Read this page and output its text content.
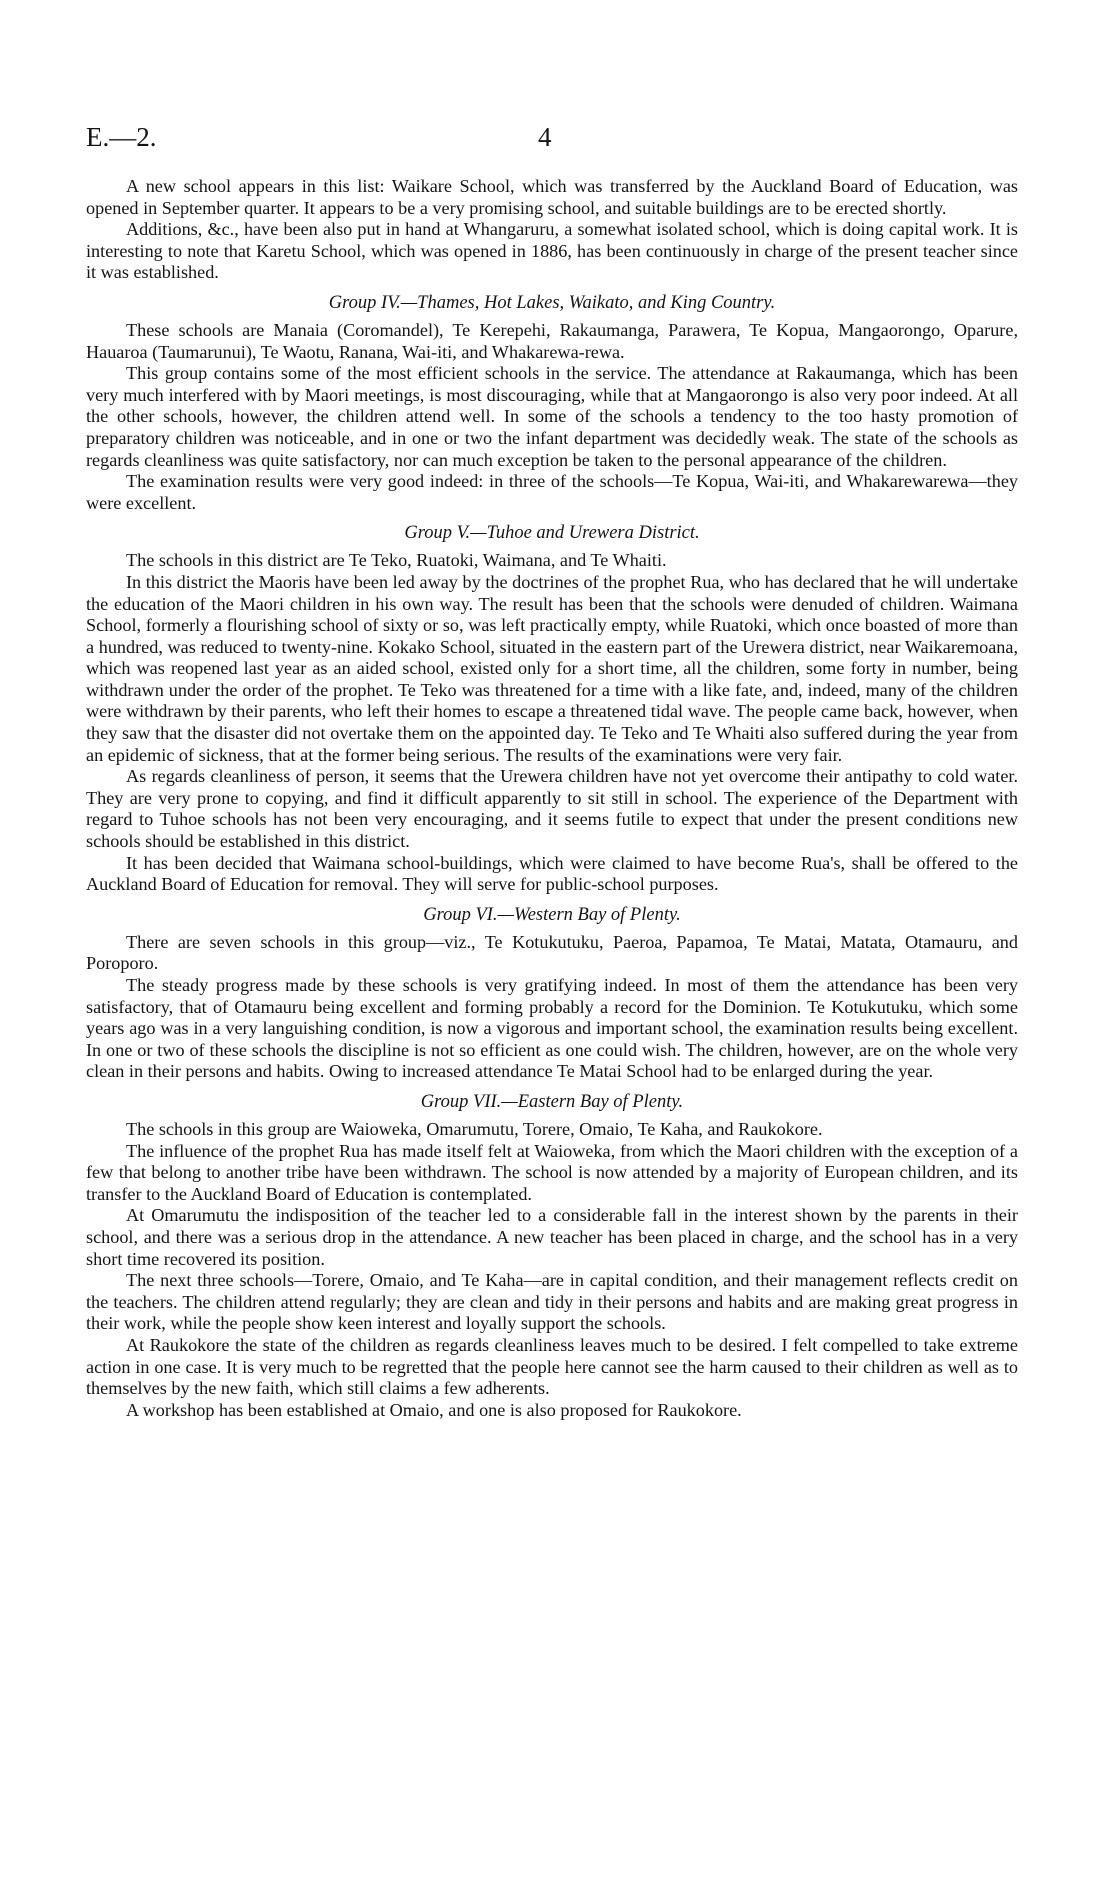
E.—2.	4

A new school appears in this list: Waikare School, which was transferred by the Auckland Board of Education, was opened in September quarter. It appears to be a very promising school, and suitable buildings are to be erected shortly.

Additions, &c., have been also put in hand at Whangaruru, a somewhat isolated school, which is doing capital work. It is interesting to note that Karetu School, which was opened in 1886, has been continuously in charge of the present teacher since it was established.

Group IV.—Thames, Hot Lakes, Waikato, and King Country.

These schools are Manaia (Coromandel), Te Kerepehi, Rakaumanga, Parawera, Te Kopua, Mangaorongo, Oparure, Hauaroa (Taumarunui), Te Waotu, Ranana, Wai-iti, and Whakarewa-rewa.

This group contains some of the most efficient schools in the service. The attendance at Rakaumanga, which has been very much interfered with by Maori meetings, is most discouraging, while that at Mangaorongo is also very poor indeed. At all the other schools, however, the children attend well. In some of the schools a tendency to the too hasty promotion of preparatory children was noticeable, and in one or two the infant department was decidedly weak. The state of the schools as regards cleanliness was quite satisfactory, nor can much exception be taken to the personal appearance of the children.

The examination results were very good indeed: in three of the schools—Te Kopua, Wai-iti, and Whakarewarewa—they were excellent.

Group V.—Tuhoe and Urewera District.

The schools in this district are Te Teko, Ruatoki, Waimana, and Te Whaiti.

In this district the Maoris have been led away by the doctrines of the prophet Rua, who has declared that he will undertake the education of the Maori children in his own way. The result has been that the schools were denuded of children. Waimana School, formerly a flourishing school of sixty or so, was left practically empty, while Ruatoki, which once boasted of more than a hundred, was reduced to twenty-nine. Kokako School, situated in the eastern part of the Urewera district, near Waikaremoana, which was reopened last year as an aided school, existed only for a short time, all the children, some forty in number, being withdrawn under the order of the prophet. Te Teko was threatened for a time with a like fate, and, indeed, many of the children were withdrawn by their parents, who left their homes to escape a threatened tidal wave. The people came back, however, when they saw that the disaster did not overtake them on the appointed day. Te Teko and Te Whaiti also suffered during the year from an epidemic of sickness, that at the former being serious. The results of the examinations were very fair.

As regards cleanliness of person, it seems that the Urewera children have not yet overcome their antipathy to cold water. They are very prone to copying, and find it difficult apparently to sit still in school. The experience of the Department with regard to Tuhoe schools has not been very encouraging, and it seems futile to expect that under the present conditions new schools should be established in this district.

It has been decided that Waimana school-buildings, which were claimed to have become Rua's, shall be offered to the Auckland Board of Education for removal. They will serve for public-school purposes.

Group VI.—Western Bay of Plenty.

There are seven schools in this group—viz., Te Kotukutuku, Paeroa, Papamoa, Te Matai, Matata, Otamauru, and Poroporo.

The steady progress made by these schools is very gratifying indeed. In most of them the attendance has been very satisfactory, that of Otamauru being excellent and forming probably a record for the Dominion. Te Kotukutuku, which some years ago was in a very languishing condition, is now a vigorous and important school, the examination results being excellent. In one or two of these schools the discipline is not so efficient as one could wish. The children, however, are on the whole very clean in their persons and habits. Owing to increased attendance Te Matai School had to be enlarged during the year.

Group VII.—Eastern Bay of Plenty.

The schools in this group are Waioweka, Omarumutu, Torere, Omaio, Te Kaha, and Raukokore.

The influence of the prophet Rua has made itself felt at Waioweka, from which the Maori children with the exception of a few that belong to another tribe have been withdrawn. The school is now attended by a majority of European children, and its transfer to the Auckland Board of Education is contemplated.

At Omarumutu the indisposition of the teacher led to a considerable fall in the interest shown by the parents in their school, and there was a serious drop in the attendance. A new teacher has been placed in charge, and the school has in a very short time recovered its position.

The next three schools—Torere, Omaio, and Te Kaha—are in capital condition, and their management reflects credit on the teachers. The children attend regularly; they are clean and tidy in their persons and habits and are making great progress in their work, while the people show keen interest and loyally support the schools.

At Raukokore the state of the children as regards cleanliness leaves much to be desired. I felt compelled to take extreme action in one case. It is very much to be regretted that the people here cannot see the harm caused to their children as well as to themselves by the new faith, which still claims a few adherents.

A workshop has been established at Omaio, and one is also proposed for Raukokore.
